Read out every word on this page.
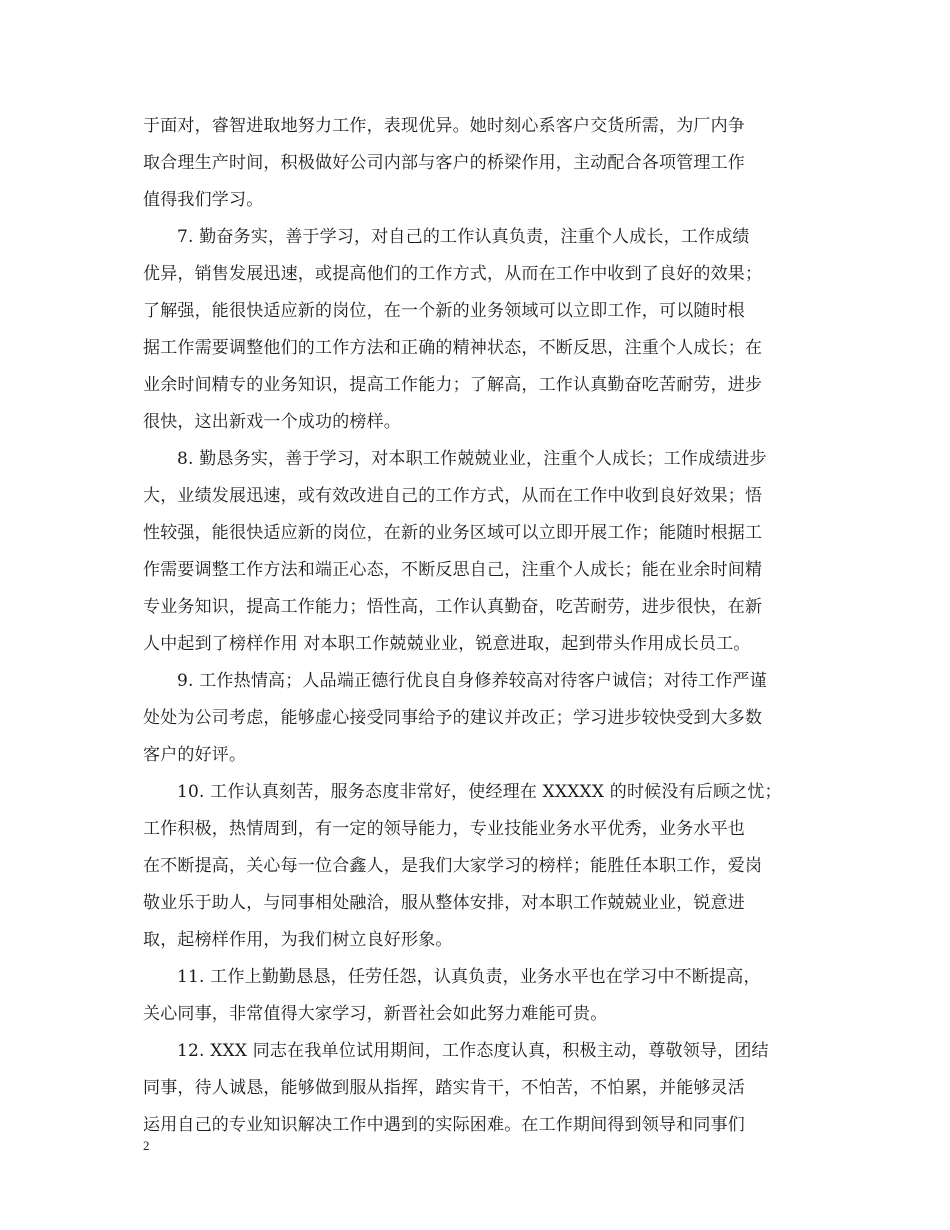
于面对，睿智进取地努力工作，表现优异。她时刻心系客户交货所需，为厂内争
取合理生产时间，积极做好公司内部与客户的桥梁作用，主动配合各项管理工作
值得我们学习。
7. 勤奋务实，善于学习，对自己的工作认真负责，注重个人成长，工作成绩
优异，销售发展迅速，或提高他们的工作方式，从而在工作中收到了良好的效果；
了解强，能很快适应新的岗位，在一个新的业务领域可以立即工作，可以随时根
据工作需要调整他们的工作方法和正确的精神状态，不断反思，注重个人成长；在
业余时间精专的业务知识，提高工作能力；了解高，工作认真勤奋吃苦耐劳，进步
很快，这出新戏一个成功的榜样。
8. 勤恳务实，善于学习，对本职工作兢兢业业，注重个人成长；工作成绩进步
大，业绩发展迅速，或有效改进自己的工作方式，从而在工作中收到良好效果；悟
性较强，能很快适应新的岗位，在新的业务区域可以立即开展工作；能随时根据工
作需要调整工作方法和端正心态，不断反思自己，注重个人成长；能在业余时间精
专业务知识，提高工作能力；悟性高，工作认真勤奋，吃苦耐劳，进步很快，在新
人中起到了榜样作用 对本职工作兢兢业业，锐意进取，起到带头作用成长员工。
9. 工作热情高；人品端正德行优良自身修养较高对待客户诚信；对待工作严谨
处处为公司考虑，能够虚心接受同事给予的建议并改正；学习进步较快受到大多数
客户的好评。
10. 工作认真刻苦，服务态度非常好，使经理在 XXXXX 的时候没有后顾之忧；
工作积极，热情周到，有一定的领导能力，专业技能业务水平优秀，业务水平也
在不断提高，关心每一位合鑫人，是我们大家学习的榜样；能胜任本职工作，爱岗
敬业乐于助人，与同事相处融洽，服从整体安排，对本职工作兢兢业业，锐意进
取，起榜样作用，为我们树立良好形象。
11. 工作上勤勤恳恳，任劳任怨，认真负责，业务水平也在学习中不断提高，
关心同事，非常值得大家学习，新晋社会如此努力难能可贵。
12. XXX 同志在我单位试用期间，工作态度认真，积极主动，尊敬领导，团结
同事，待人诚恳，能够做到服从指挥，踏实肯干，不怕苦，不怕累，并能够灵活
运用自己的专业知识解决工作中遇到的实际困难。在工作期间得到领导和同事们
2
